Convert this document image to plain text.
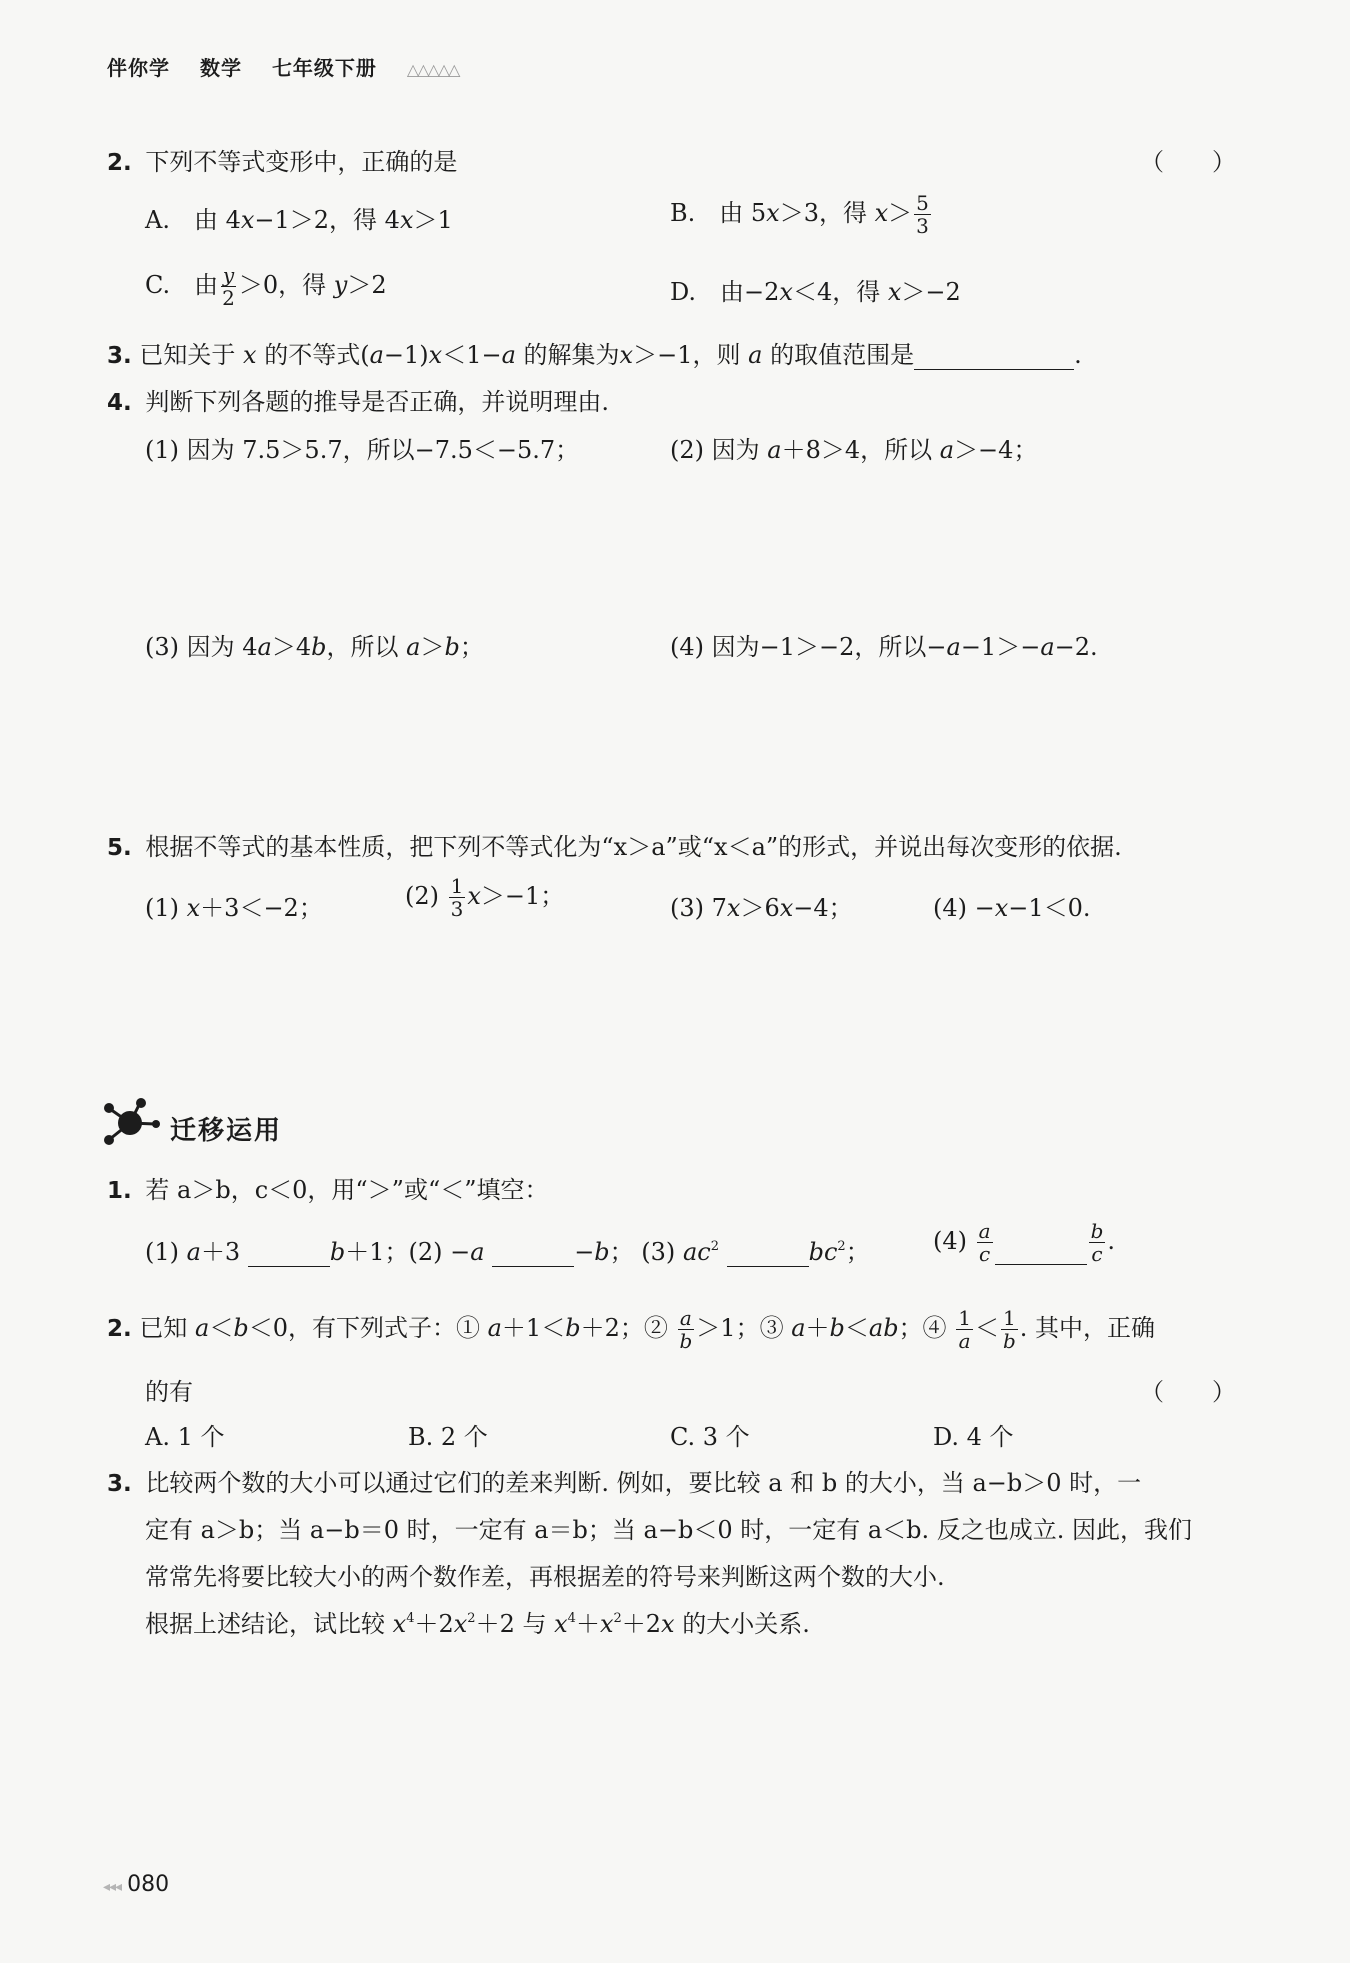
伴你学 数学 七年级下册 △△△△△
2. 下列不等式变形中，正确的是	（　　）
A.　由 4x−1＞2，得 4x＞1	B.　由 5x＞3，得 $x> \frac{5}{3}$
C.　由 $\frac{y}{2} >0$，得 y＞2	D.　由−2x＜4，得 x＞−2
3. 已知关于 x 的不等式(a−1)x＜1−a 的解集为x＞−1，则 a 的取值范围是	.
4. 判断下列各题的推导是否正确，并说明理由.
(1) 因为 7.5＞5.7，所以−7.5＜−5.7；	(2) 因为 a＋8＞4，所以 a＞−4；
(3) 因为 4a＞4b，所以 a＞b；	(4) 因为−1＞−2，所以−a−1＞−a−2.
5. 根据不等式的基本性质，把下列不等式化为“x＞a”或“x＜a”的形式，并说出每次变形的依据.
(1) x＋3＜−2；	$(2) \frac{1}{3} x>-1$；	(3) 7x＞6x−4；	(4) −x−1＜0.
迁移运用
1. 若 a＞b，c＜0，用“＞”或“＜”填空：
(1) a＋3	b＋1；(2) −a	−b； (3) $ac^2$	$bc^2$；	$(4) \frac{a}{c}$	$\frac{b}{c}$ .
2. 已知 a＜b＜0，有下列式子：① a＋1＜b＋2；② $\frac{a}{b} >1$；③ a＋b＜ab；④ $\frac{1}{a} < \frac{1}{b}$ . 其中，正确
的有	（　　）
A. 1 个	B. 2 个	C. 3 个	D. 4 个
3. 比较两个数的大小可以通过它们的差来判断. 例如，要比较 a 和 b 的大小，当 a−b＞0 时，一
定有 a＞b；当 a−b＝0 时，一定有 a＝b；当 a−b＜0 时，一定有 a＜b. 反之也成立. 因此，我们
常常先将要比较大小的两个数作差，再根据差的符号来判断这两个数的大小.
根据上述结论，试比较 $x^4+2x^2+2$ 与 $x^4+x^2+2x$ 的大小关系.
◂◂◂ 080
